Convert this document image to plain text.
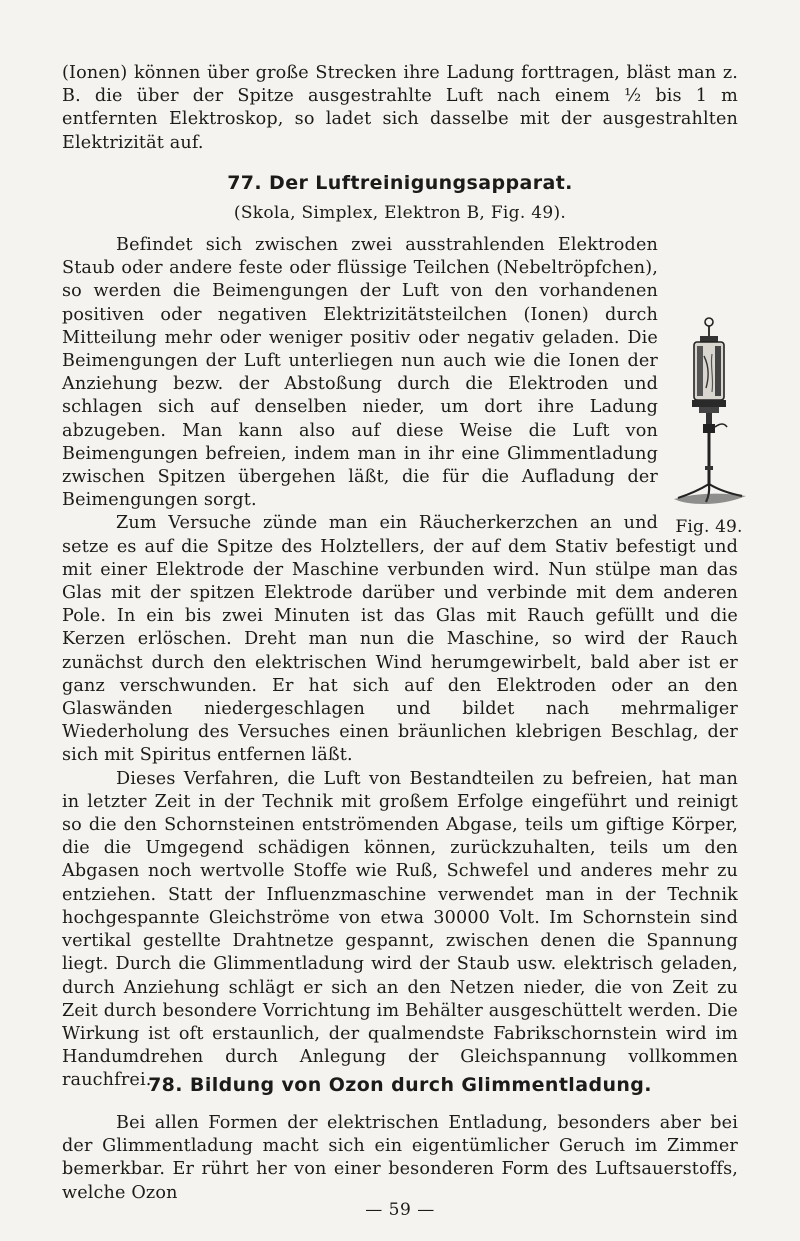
(Ionen) können über große Strecken ihre Ladung forttragen, bläst man z. B. die über der Spitze ausgestrahlte Luft nach einem ½ bis 1 m entfernten Elektroskop, so ladet sich dasselbe mit der ausgestrahlten Elektrizität auf.

77. Der Luftreinigungsapparat.
(Skola, Simplex, Elektron B, Fig. 49).
Fig. 49.

Befindet sich zwischen zwei ausstrahlenden Elektroden Staub oder andere feste oder flüssige Teilchen (Nebeltröpfchen), so werden die Beimengungen der Luft von den vorhandenen positiven oder negativen Elektrizitätsteilchen (Ionen) durch Mitteilung mehr oder weniger positiv oder negativ geladen. Die Beimengungen der Luft unterliegen nun auch wie die Ionen der Anziehung bezw. der Abstoßung durch die Elektroden und schlagen sich auf denselben nieder, um dort ihre Ladung abzugeben. Man kann also auf diese Weise die Luft von Beimengungen befreien, indem man in ihr eine Glimmentladung zwischen Spitzen übergehen läßt, die für die Aufladung der Beimengungen sorgt.

Zum Versuche zünde man ein Räucherkerzchen an und setze es auf die Spitze des Holztellers, der auf dem Stativ befestigt und mit einer Elektrode der Maschine verbunden wird. Nun stülpe man das Glas mit der spitzen Elektrode darüber und verbinde mit dem anderen Pole. In ein bis zwei Minuten ist das Glas mit Rauch gefüllt und die Kerzen erlöschen. Dreht man nun die Maschine, so wird der Rauch zunächst durch den elektrischen Wind herumgewirbelt, bald aber ist er ganz verschwunden. Er hat sich auf den Elektroden oder an den Glaswänden niedergeschlagen und bildet nach mehrmaliger Wiederholung des Versuches einen bräunlichen klebrigen Beschlag, der sich mit Spiritus entfernen läßt.

Dieses Verfahren, die Luft von Bestandteilen zu befreien, hat man in letzter Zeit in der Technik mit großem Erfolge eingeführt und reinigt so die den Schornsteinen entströmenden Abgase, teils um giftige Körper, die die Umgegend schädigen können, zurückzuhalten, teils um den Abgasen noch wertvolle Stoffe wie Ruß, Schwefel und anderes mehr zu entziehen. Statt der Influenzmaschine verwendet man in der Technik hochgespannte Gleichströme von etwa 30000 Volt. Im Schornstein sind vertikal gestellte Drahtnetze gespannt, zwischen denen die Spannung liegt. Durch die Glimmentladung wird der Staub usw. elektrisch geladen, durch Anziehung schlägt er sich an den Netzen nieder, die von Zeit zu Zeit durch besondere Vorrichtung im Behälter ausgeschüttelt werden. Die Wirkung ist oft erstaunlich, der qualmendste Fabrikschornstein wird im Handumdrehen durch Anlegung der Gleichspannung vollkommen rauchfrei.

78. Bildung von Ozon durch Glimmentladung.

Bei allen Formen der elektrischen Entladung, besonders aber bei der Glimmentladung macht sich ein eigentümlicher Geruch im Zimmer bemerkbar. Er rührt her von einer besonderen Form des Luftsauerstoffs, welche Ozon

— 59 —
